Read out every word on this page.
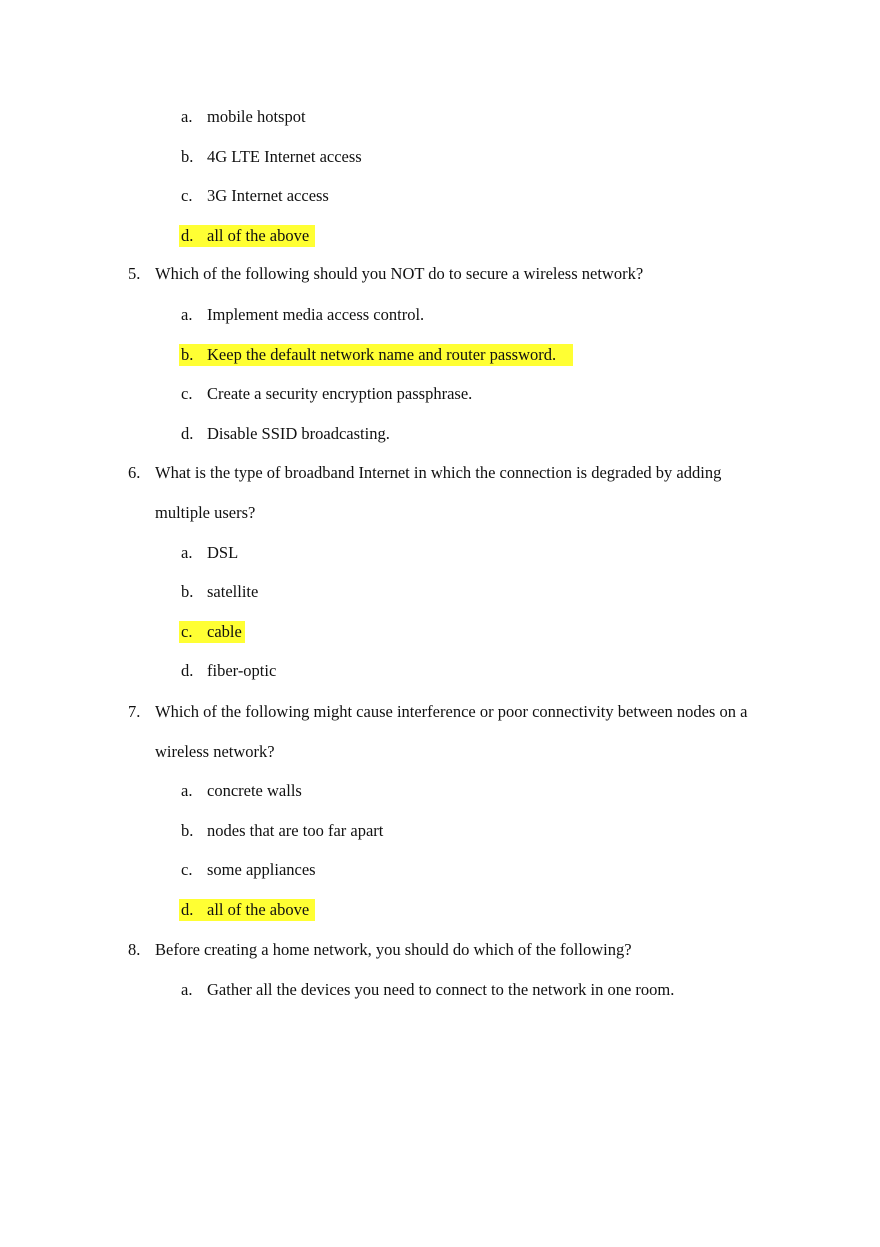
a. mobile hotspot
b. 4G LTE Internet access
c. 3G Internet access
d. all of the above
5. Which of the following should you NOT do to secure a wireless network?
a. Implement media access control.
b. Keep the default network name and router password.
c. Create a security encryption passphrase.
d. Disable SSID broadcasting.
6. What is the type of broadband Internet in which the connection is degraded by adding
multiple users?
a. DSL
b. satellite
c. cable
d. fiber-optic
7. Which of the following might cause interference or poor connectivity between nodes on a
wireless network?
a. concrete walls
b. nodes that are too far apart
c. some appliances
d. all of the above
8. Before creating a home network, you should do which of the following?
a. Gather all the devices you need to connect to the network in one room.
